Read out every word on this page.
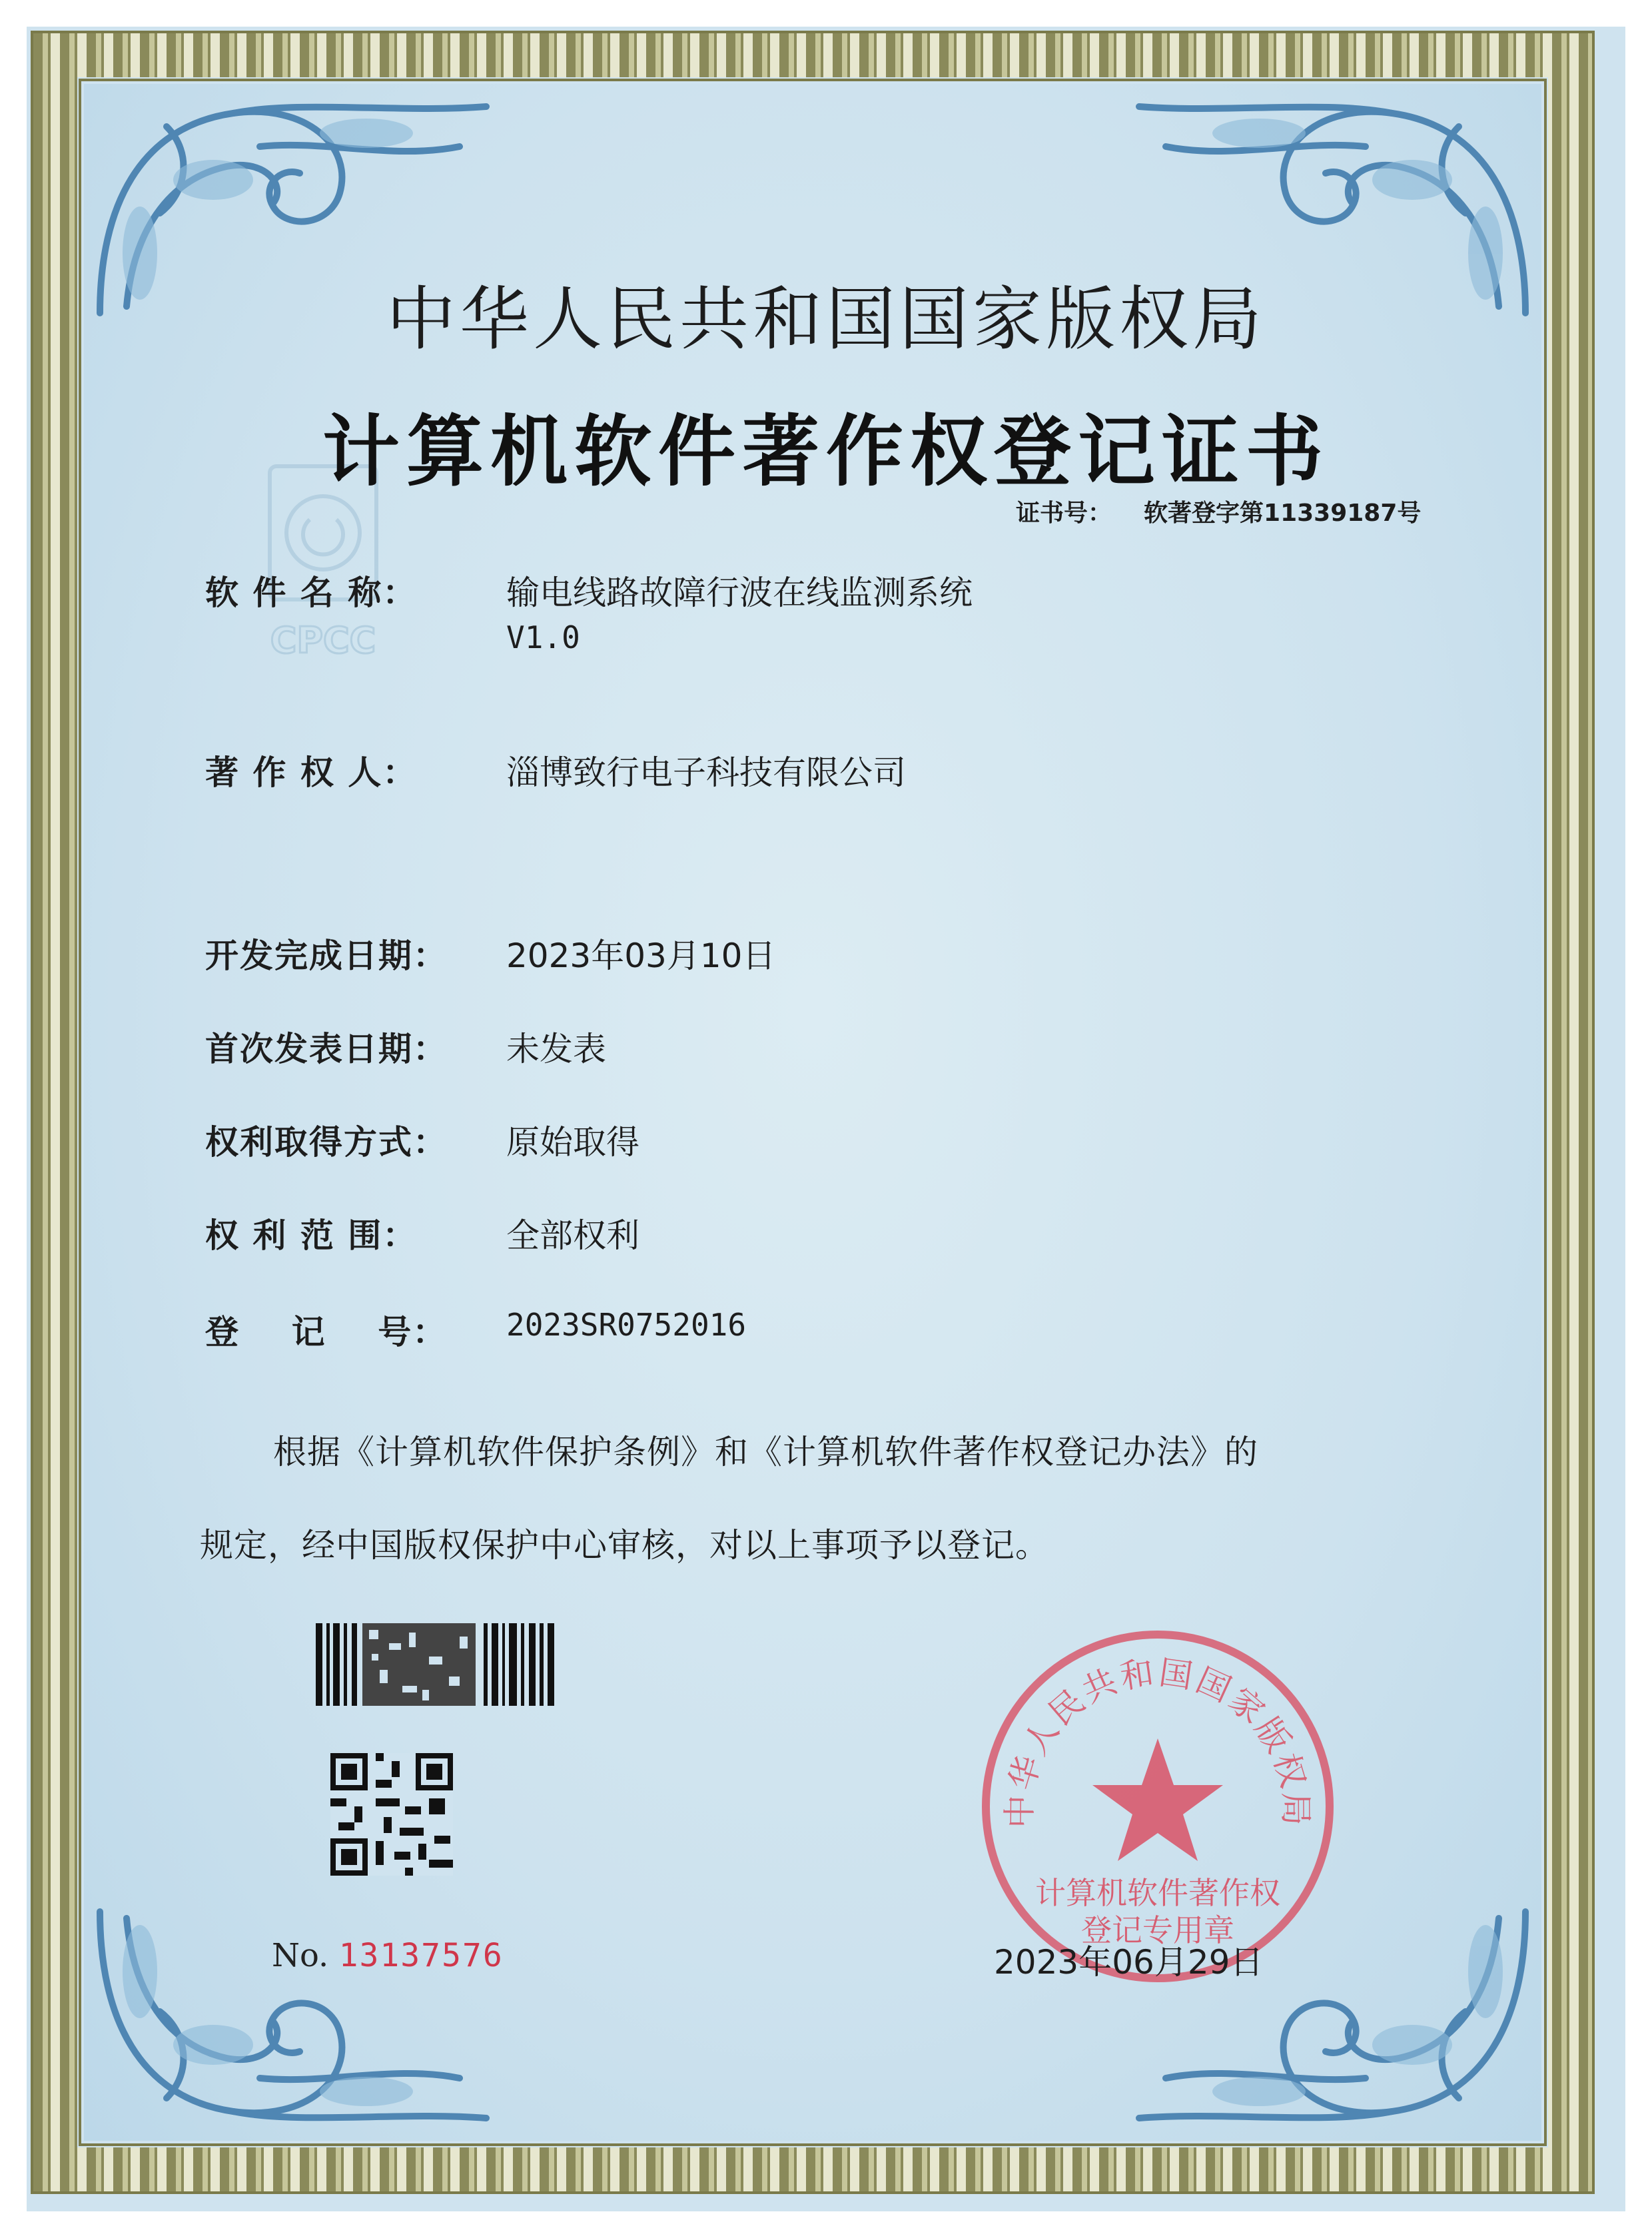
CPCC
中华人民共和国国家版权局
计算机软件著作权登记证书
证书号： 软著登字第11339187号
软 件 名 称：	输电线路故障行波在线监测系统
V1.0
著 作 权 人：	淄博致行电子科技有限公司
开发完成日期： 2023年03月10日
首次发表日期： 未发表
权利取得方式： 原始取得
权 利 范 围：	全部权利
登    记    号： 2023SR0752016
根据《计算机软件保护条例》和《计算机软件著作权登记办法》的
规定，经中国版权保护中心审核，对以上事项予以登记。
No. 13137576
中华人民共和国国家版权局
计算机软件著作权
登记专用章
2023年06月29日
